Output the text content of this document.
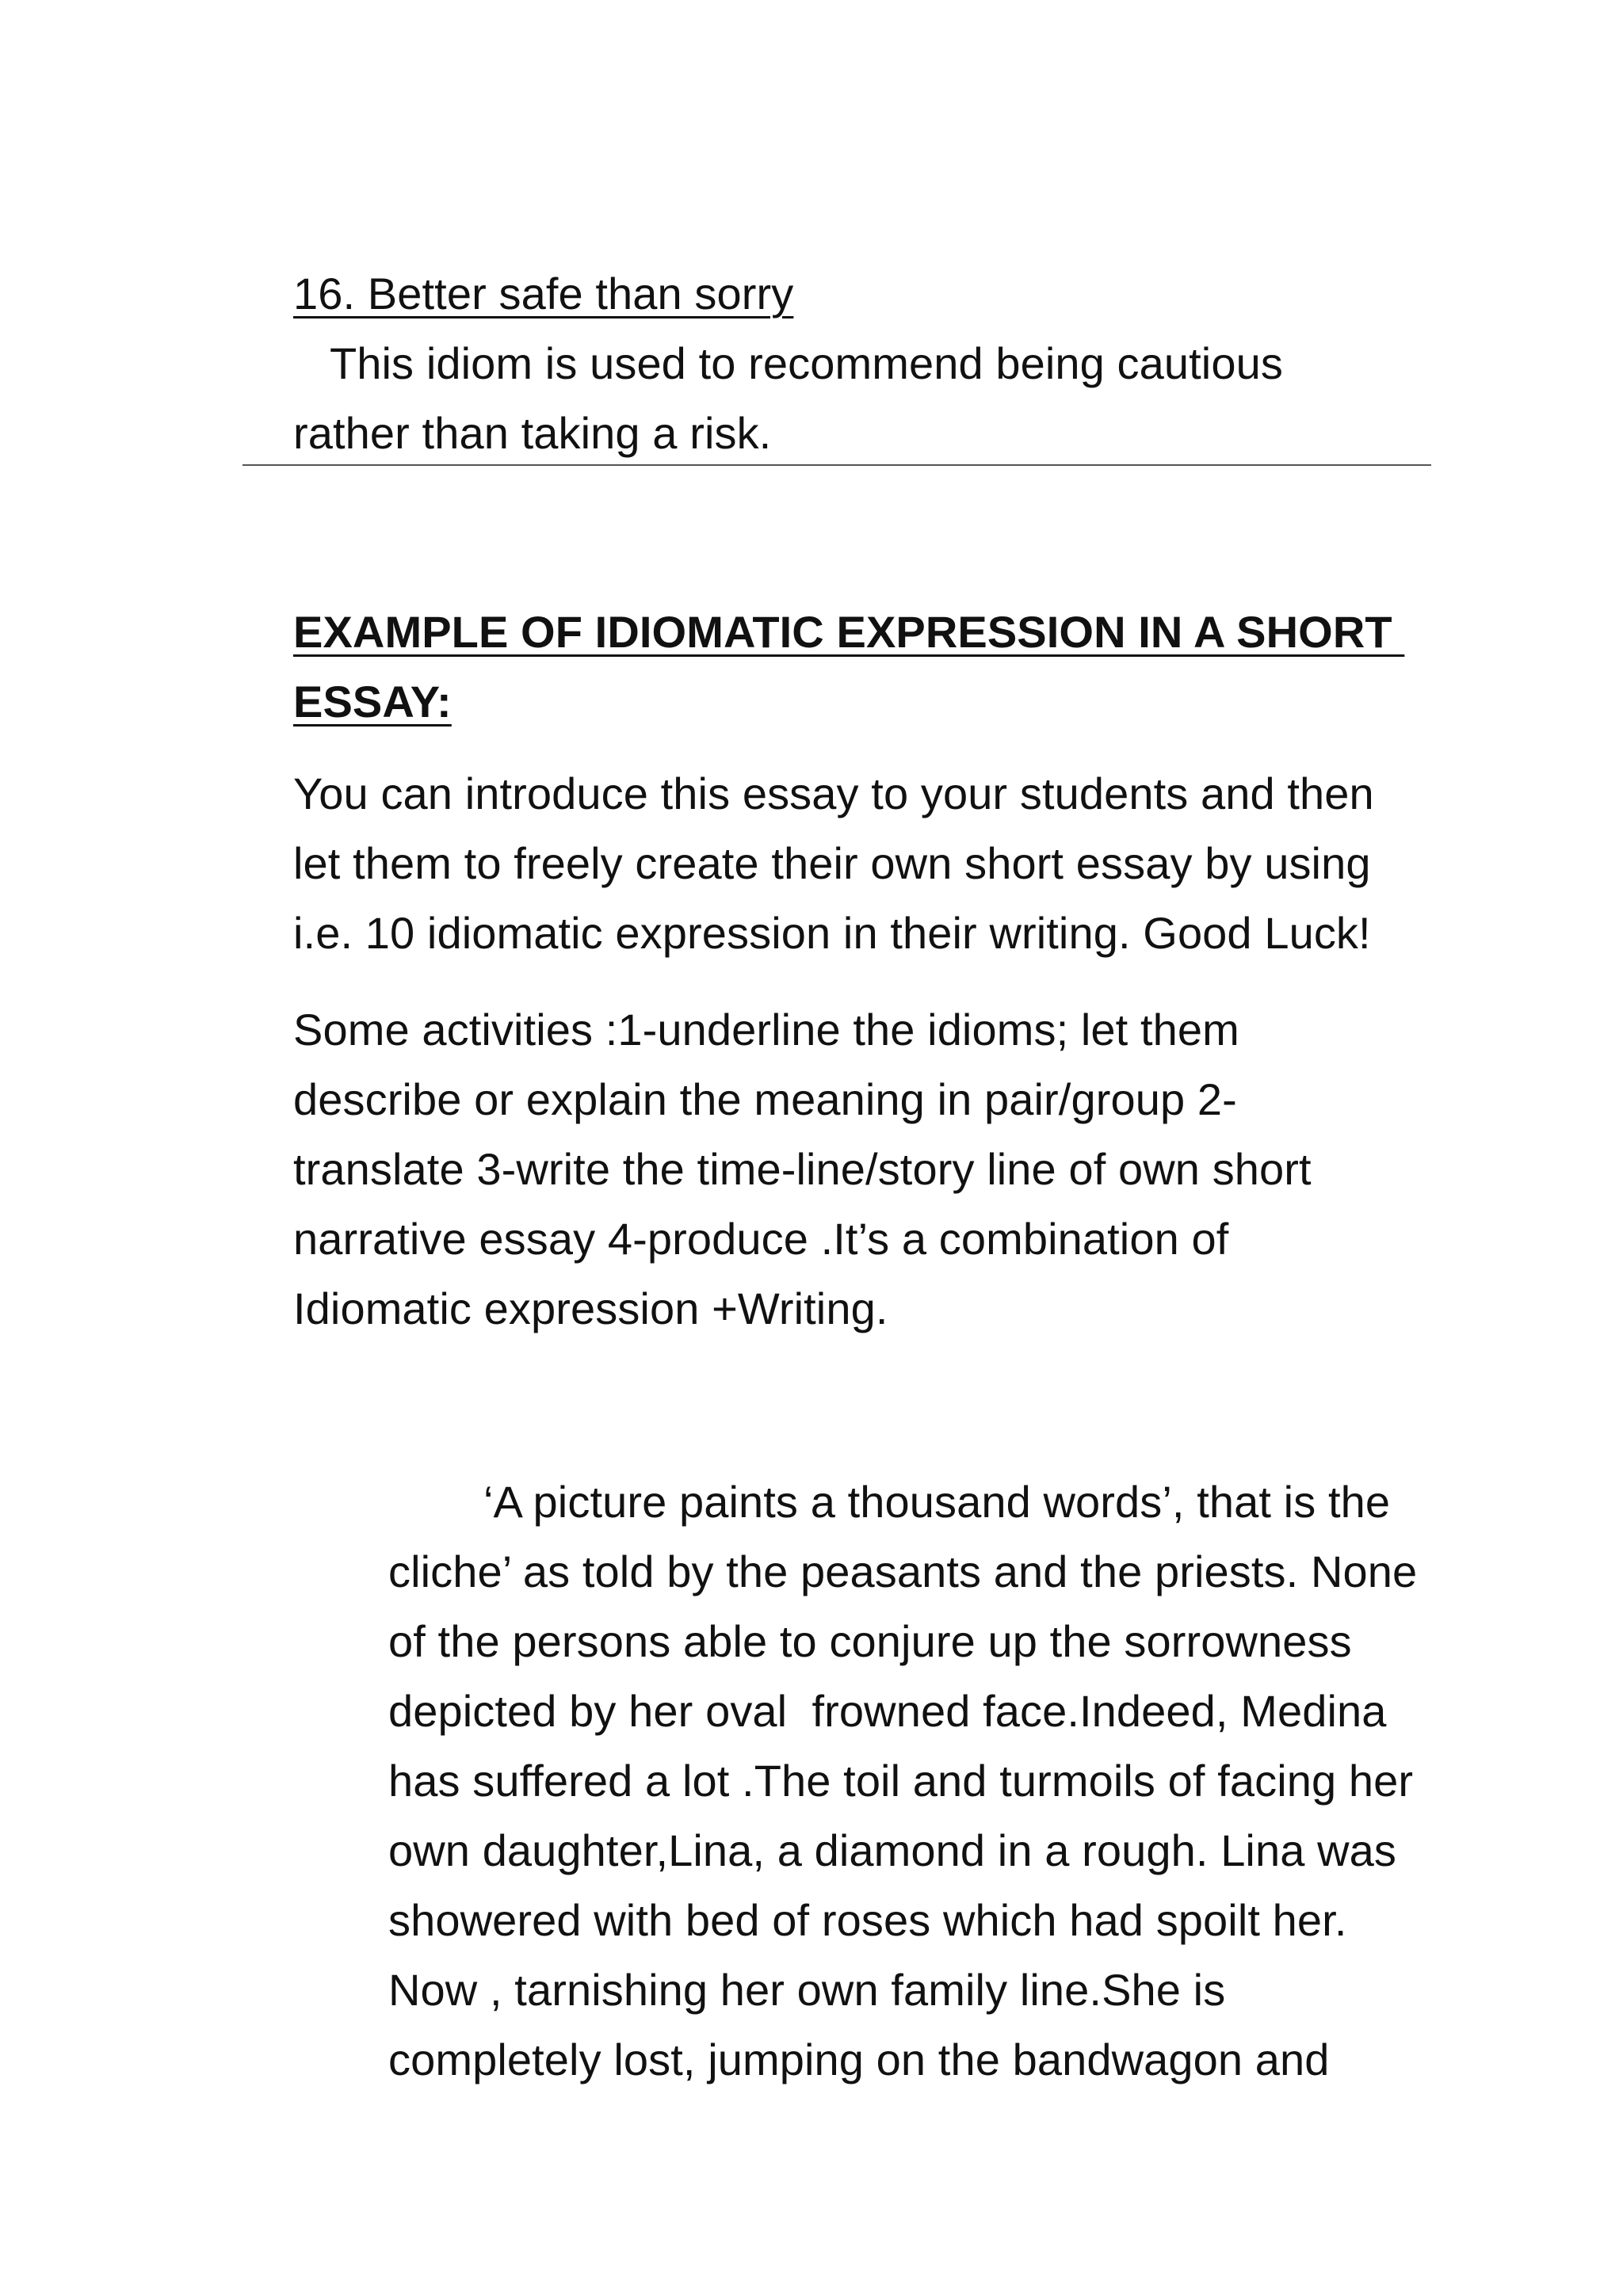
16. Better safe than sorry
This idiom is used to recommend being cautious
rather than taking a risk.
EXAMPLE OF IDIOMATIC EXPRESSION IN A SHORT
ESSAY:
You can introduce this essay to your students and then
let them to freely create their own short essay by using
i.e. 10 idiomatic expression in their writing. Good Luck!
Some activities :1-underline the idioms; let them
describe or explain the meaning in pair/group 2-
translate 3-write the time-line/story line of own short
narrative essay 4-produce .It’s a combination of
Idiomatic expression +Writing.
‘A picture paints a thousand words’, that is the
cliche’ as told by the peasants and the priests. None
of the persons able to conjure up the sorrowness
depicted by her oval  frowned face.Indeed, Medina
has suffered a lot .The toil and turmoils of facing her
own daughter,Lina, a diamond in a rough. Lina was
showered with bed of roses which had spoilt her.
Now , tarnishing her own family line.She is
completely lost, jumping on the bandwagon and
